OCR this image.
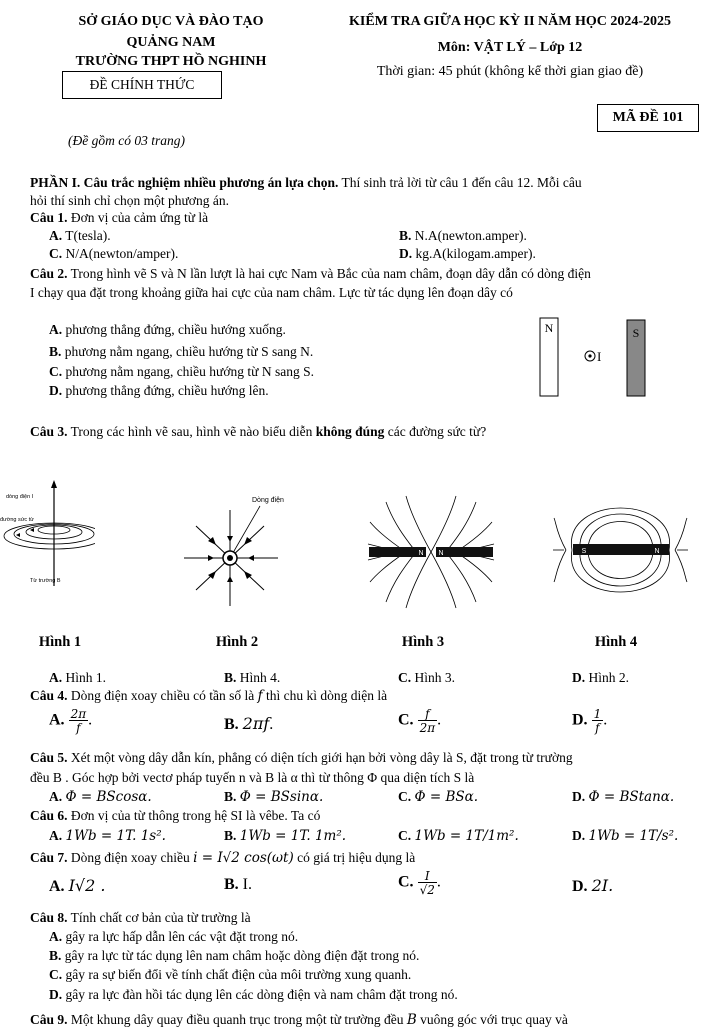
SỞ GIÁO DỤC VÀ ĐÀO TẠO
QUẢNG NAM
TRƯỜNG THPT HỒ NGHINH
ĐỀ CHÍNH THỨC
KIỂM TRA GIỮA HỌC KỲ II NĂM HỌC 2024-2025
Môn: VẬT LÝ – Lớp 12
Thời gian: 45 phút (không kể thời gian giao đề)
MÃ ĐỀ 101
(Đề gồm có 03 trang)
PHẦN I. Câu trắc nghiệm nhiều phương án lựa chọn. Thí sinh trả lời từ câu 1 đến câu 12. Mỗi câu
hỏi thí sinh chỉ chọn một phương án.
Câu 1. Đơn vị của cảm ứng từ là
A. T(tesla).	B. N.A(newton.amper).
C. N/A(newton/amper).	D. kg.A(kilogam.amper).
Câu 2. Trong hình vẽ S và N lần lượt là hai cực Nam và Bắc của nam châm, đoạn dây dẫn có dòng điện
I chạy qua đặt trong khoảng giữa hai cực của nam châm. Lực từ tác dụng lên đoạn dây có
A. phương thẳng đứng, chiều hướng xuống.
B. phương nằm ngang, chiều hướng từ S sang N.
C. phương nằm ngang, chiều hướng từ N sang S.
D. phương thẳng đứng, chiều hướng lên.
N	S
I
Câu 3. Trong các hình vẽ sau, hình vẽ nào biểu diễn không đúng các đường sức từ?
dòng điện I
đường sức từ
Từ trường B
Dòng điện
N N	S	N
Hình 1	Hình 2	Hình 3	Hình 4
A. Hình 1.	B. Hình 4.	C. Hình 3.	D. Hình 2.
Câu 4. Dòng điện xoay chiều có tần số là f thì chu kì dòng diện là
A. $\frac{2\pi}{f}$ .	B. 2πf.	C. $\frac{f}{2\pi}$ .	D. $\frac{1}{f}$ .
Câu 5. Xét một vòng dây dẫn kín, phẳng có diện tích giới hạn bởi vòng dây là S, đặt trong từ trường
đều B . Góc hợp bởi vectơ pháp tuyến n và B là α thì từ thông Φ qua diện tích S là
A. Φ = BScosα.	B. Φ = BSsinα.	C. Φ = BSα.	D. Φ = BStanα.
Câu 6. Đơn vị của từ thông trong hệ SI là vêbe. Ta có
A. 1Wb = 1T. 1s².	B. 1Wb = 1T. 1m².	C. 1Wb = 1T/1m².	D. 1Wb = 1T/s².
Câu 7. Dòng điện xoay chiều i = I√2 cos(ωt) có giá trị hiệu dụng là
A. I√2 .	B. I.	C. $\frac{I}{√2}$ .	D. 2I.
Câu 8. Tính chất cơ bản của từ trường là
A. gây ra lực hấp dẫn lên các vật đặt trong nó.
B. gây ra lực từ tác dụng lên nam châm hoặc dòng điện đặt trong nó.
C. gây ra sự biến đổi về tính chất điện của môi trường xung quanh.
D. gây ra lực đàn hồi tác dụng lên các dòng điện và nam châm đặt trong nó.
Câu 9. Một khung dây quay điều quanh trục trong một từ trường đều B vuông góc với trục quay và
